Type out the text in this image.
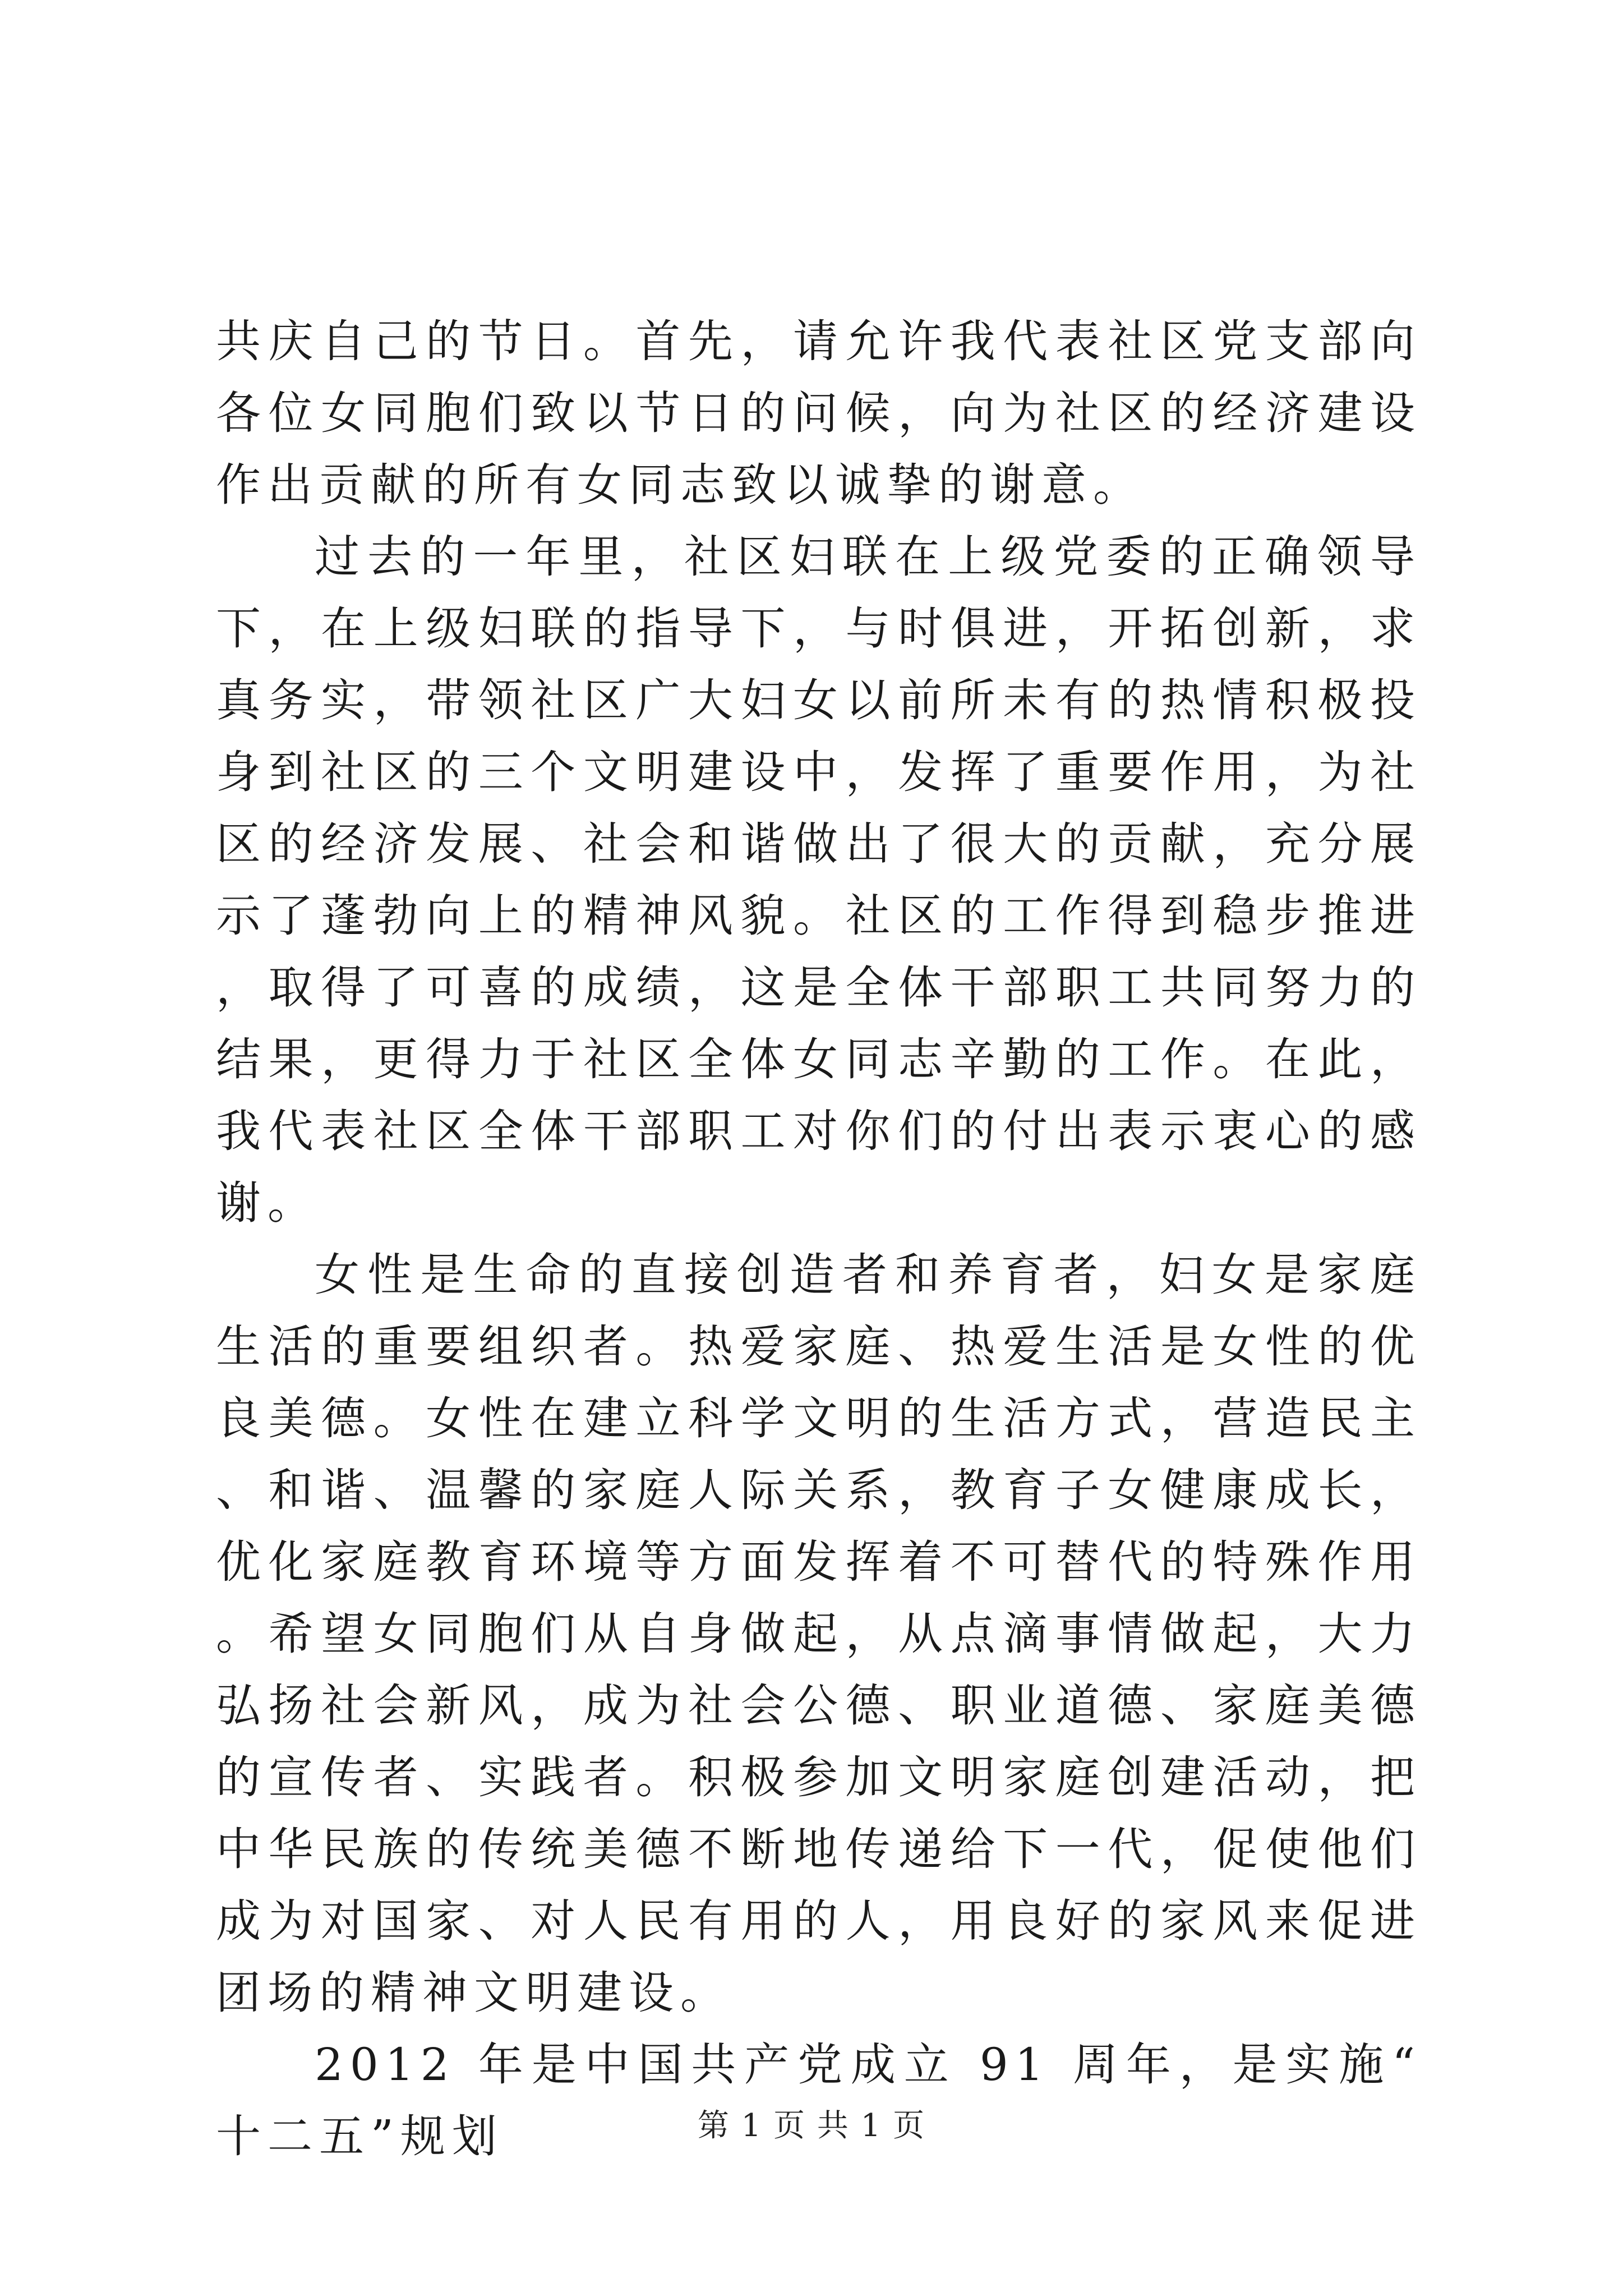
共庆自己的节日。首先，请允许我代表社区党支部向各位女同胞们致以节日的问候，向为社区的经济建设作出贡献的所有女同志致以诚挚的谢意。

过去的一年里，社区妇联在上级党委的正确领导下，在上级妇联的指导下，与时俱进，开拓创新，求真务实，带领社区广大妇女以前所未有的热情积极投身到社区的三个文明建设中，发挥了重要作用，为社区的经济发展、社会和谐做出了很大的贡献，充分展示了蓬勃向上的精神风貌。社区的工作得到稳步推进，取得了可喜的成绩，这是全体干部职工共同努力的结果，更得力于社区全体女同志辛勤的工作。在此，我代表社区全体干部职工对你们的付出表示衷心的感谢。

女性是生命的直接创造者和养育者，妇女是家庭生活的重要组织者。热爱家庭、热爱生活是女性的优良美德。女性在建立科学文明的生活方式，营造民主、和谐、温馨的家庭人际关系，教育子女健康成长，优化家庭教育环境等方面发挥着不可替代的特殊作用。希望女同胞们从自身做起，从点滴事情做起，大力弘扬社会新风，成为社会公德、职业道德、家庭美德的宣传者、实践者。积极参加文明家庭创建活动，把中华民族的传统美德不断地传递给下一代，促使他们成为对国家、对人民有用的人，用良好的家风来促进团场的精神文明建设。

2012 年是中国共产党成立 91 周年，是实施“十二五”规划	第 1 页 共 1 页
